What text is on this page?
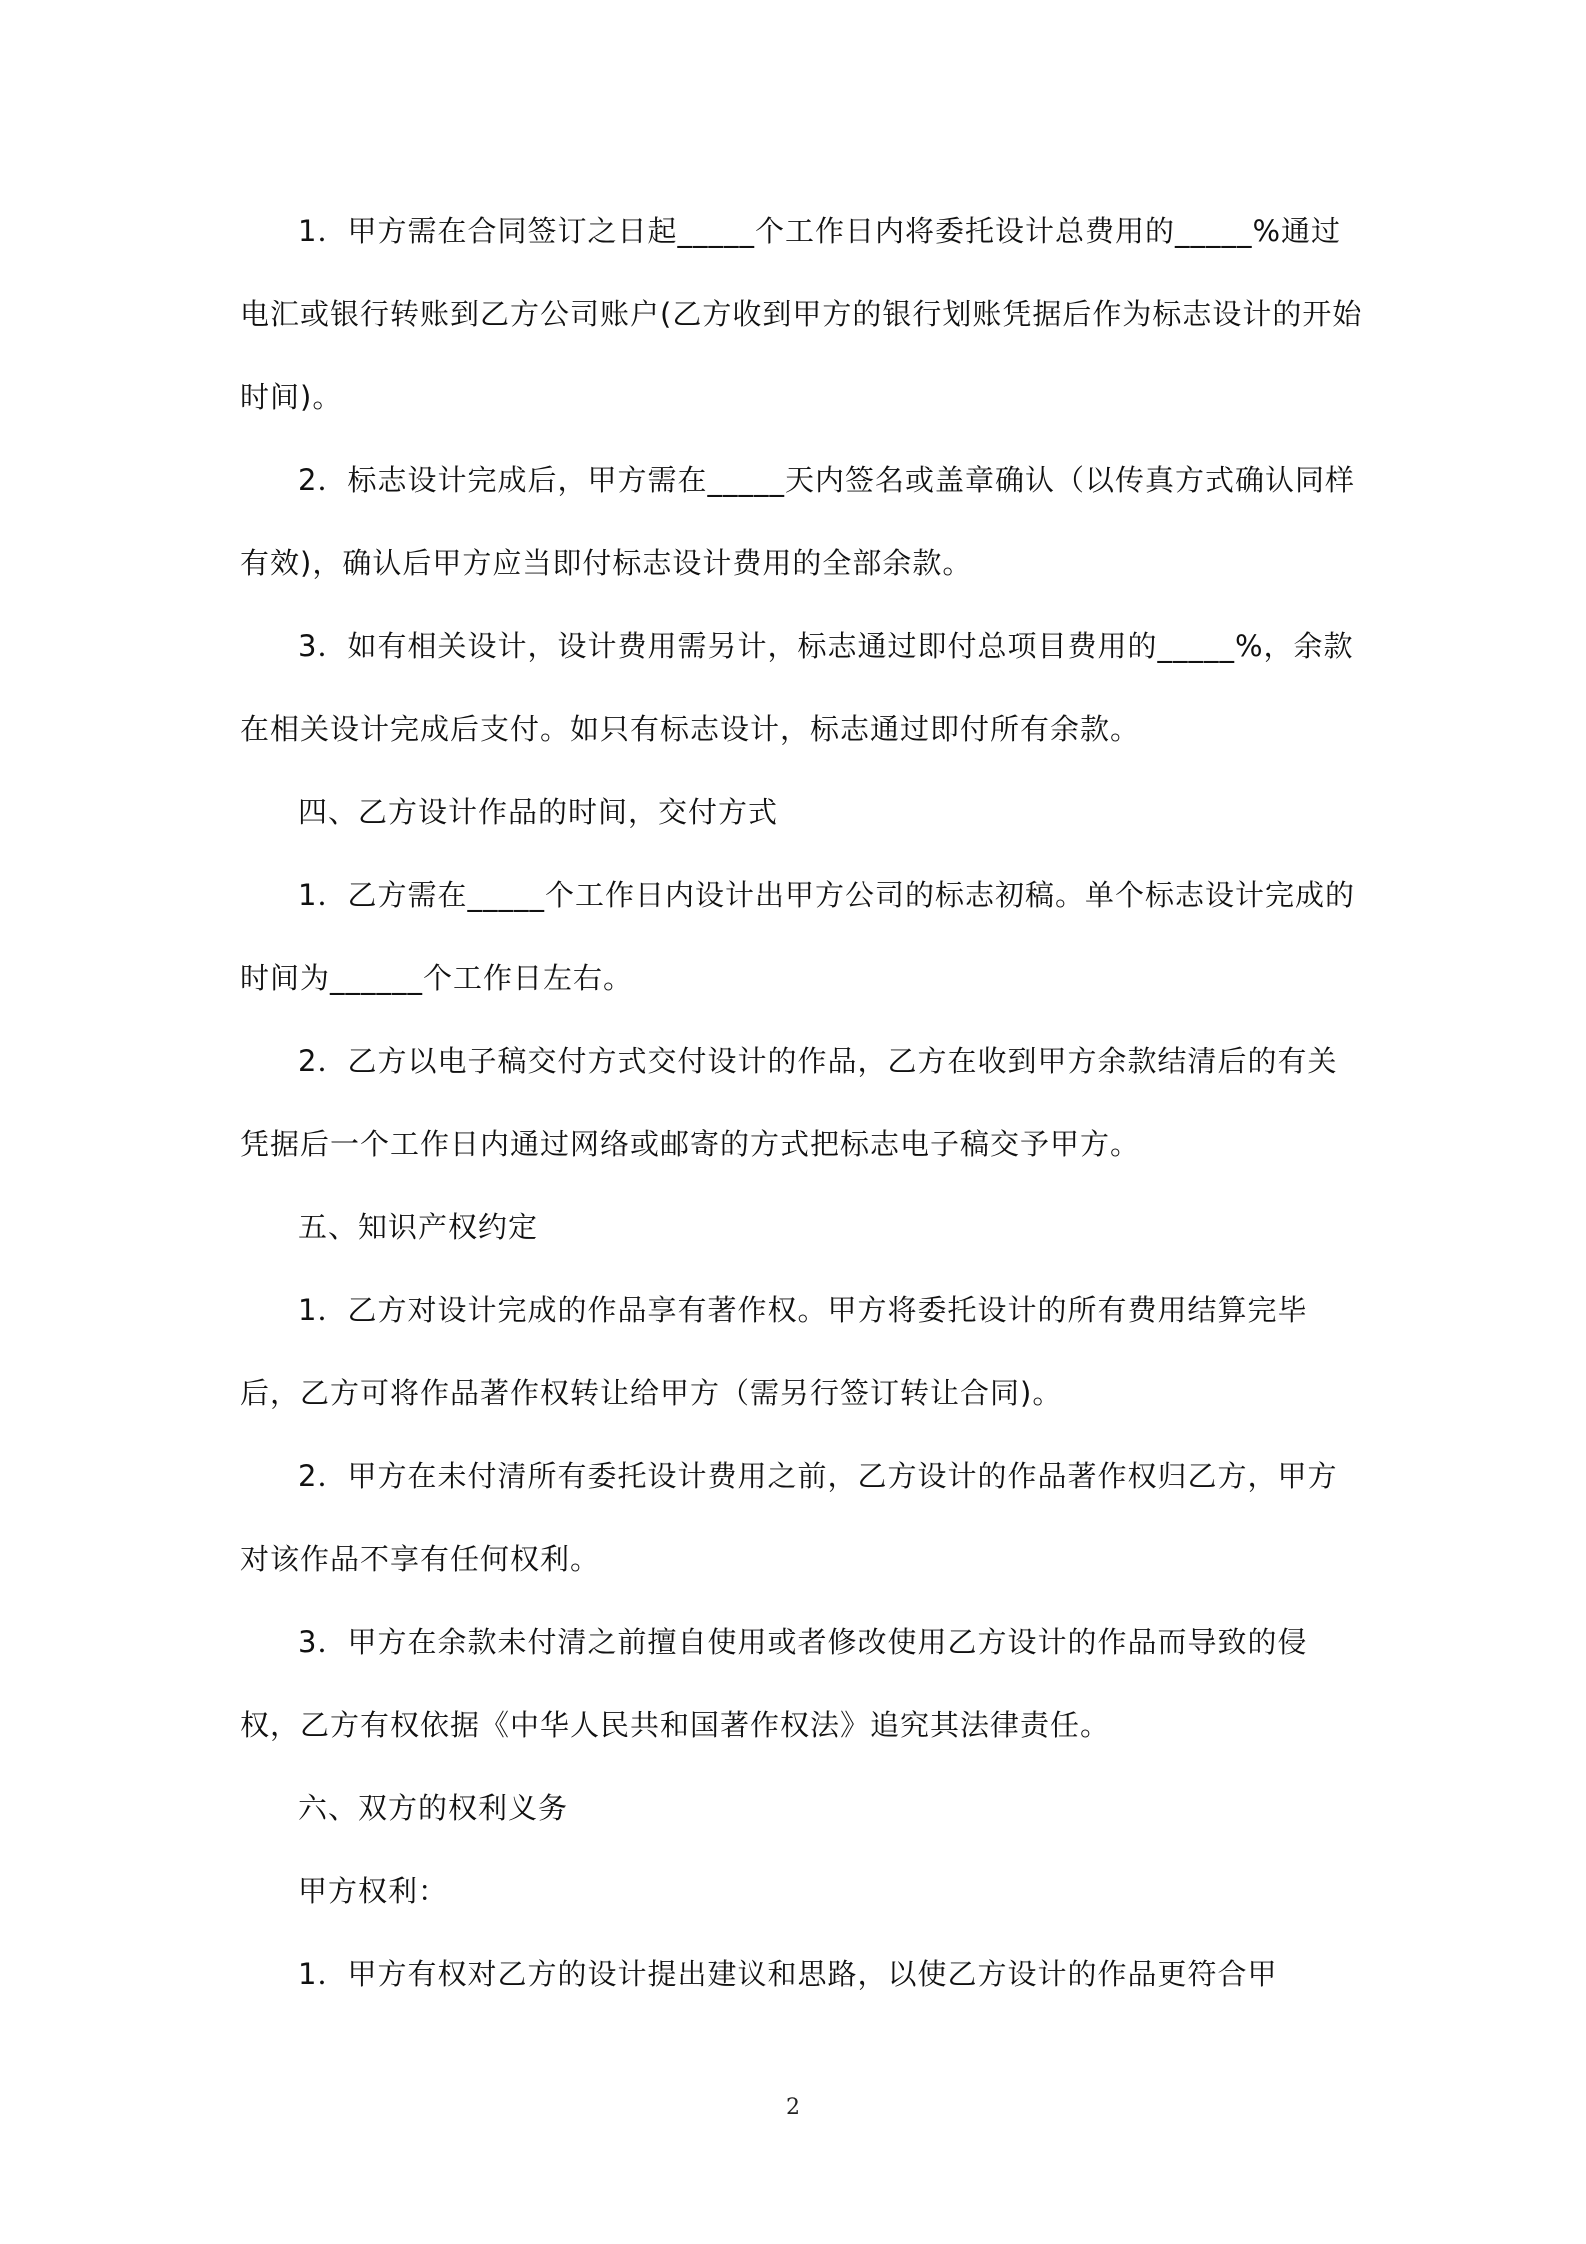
1．甲方需在合同签订之日起_____个工作日内将委托设计总费用的_____%通过电汇或银行转账到乙方公司账户(乙方收到甲方的银行划账凭据后作为标志设计的开始时间)。

2．标志设计完成后，甲方需在_____天内签名或盖章确认（以传真方式确认同样有效)，确认后甲方应当即付标志设计费用的全部余款。

3．如有相关设计，设计费用需另计，标志通过即付总项目费用的_____%，余款在相关设计完成后支付。如只有标志设计，标志通过即付所有余款。

四、乙方设计作品的时间，交付方式

1．乙方需在_____个工作日内设计出甲方公司的标志初稿。单个标志设计完成的时间为______个工作日左右。

2．乙方以电子稿交付方式交付设计的作品，乙方在收到甲方余款结清后的有关凭据后一个工作日内通过网络或邮寄的方式把标志电子稿交予甲方。

五、知识产权约定

1．乙方对设计完成的作品享有著作权。甲方将委托设计的所有费用结算完毕后，乙方可将作品著作权转让给甲方（需另行签订转让合同)。

2．甲方在未付清所有委托设计费用之前，乙方设计的作品著作权归乙方，甲方对该作品不享有任何权利。

3．甲方在余款未付清之前擅自使用或者修改使用乙方设计的作品而导致的侵权，乙方有权依据《中华人民共和国著作权法》追究其法律责任。

六、双方的权利义务

甲方权利：

1．甲方有权对乙方的设计提出建议和思路，以使乙方设计的作品更符合甲

2
